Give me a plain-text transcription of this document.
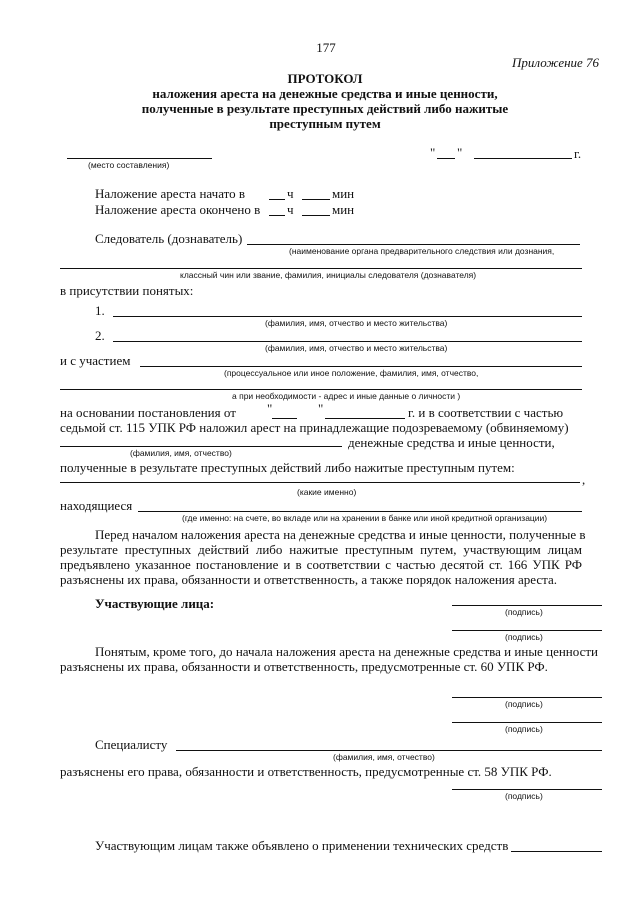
177
Приложение 76
ПРОТОКОЛ
наложения ареста на денежные средства и иные ценности,
полученные в результате преступных действий либо нажитые
преступным путем
(место составления)
" "	г.
Наложение ареста начато в	ч	мин
Наложение ареста окончено в ч	мин
Следователь (дознаватель)
(наименование органа предварительного следствия или дознания,
классный чин или звание, фамилия, инициалы следователя (дознавателя)
в присутствии понятых:
1.
(фамилия, имя, отчество и место жительства)
2.
(фамилия, имя, отчество и место жительства)
и с участием
(процессуальное или иное положение, фамилия, имя, отчество,
а при необходимости - адрес и иные данные о личности )
на основании постановления от "	"	г. и в соответствии с частью
седьмой ст. 115 УПК РФ наложил арест на принадлежащие подозреваемому (обвиняемому)
денежные средства и иные ценности,
(фамилия, имя, отчество)
полученные в результате преступных действий либо нажитые преступным путем:
,
(какие именно)
находящиеся
(где именно: на счете, во вкладе или на хранении в банке или иной кредитной организации)
Перед началом наложения ареста на денежные средства и иные ценности, полученные в
результате преступных действий либо нажитые преступным путем, участвующим лицам
предъявлено указанное постановление и в соответствии с частью десятой ст. 166 УПК РФ
разъяснены их права, обязанности и ответственность, а также порядок наложения ареста.
Участвующие лица:
(подпись)
(подпись)
Понятым, кроме того, до начала наложения ареста на денежные средства и иные ценности
разъяснены их права, обязанности и ответственность, предусмотренные ст. 60 УПК РФ.
(подпись)
(подпись)
Специалисту
(фамилия, имя, отчество)
разъяснены его права, обязанности и ответственность, предусмотренные ст. 58 УПК РФ.
(подпись)
Участвующим лицам также объявлено о применении технических средств
